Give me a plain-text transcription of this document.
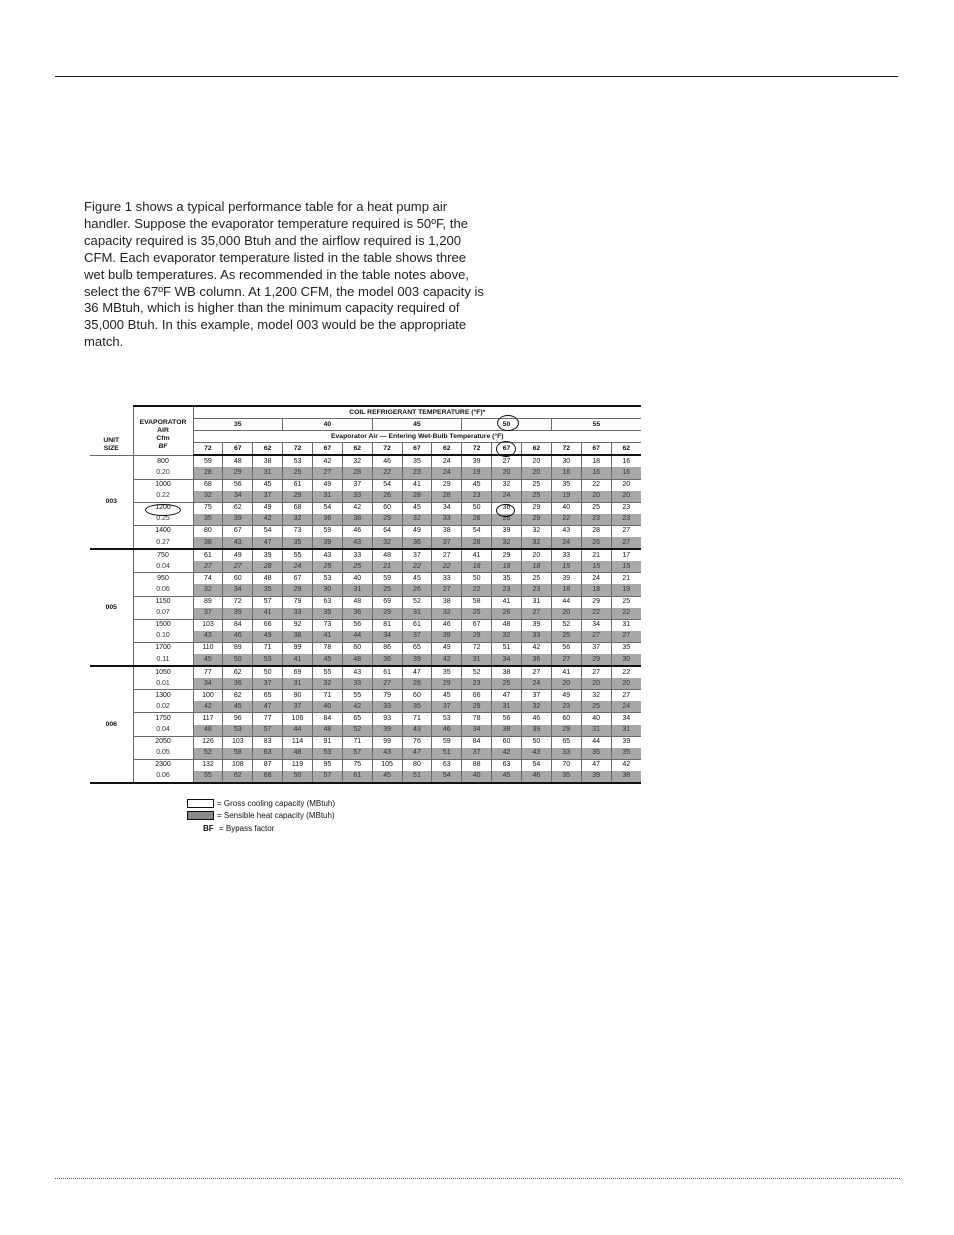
Figure 1 shows a typical performance table for a heat pump air handler. Suppose the evaporator temperature required is 50ºF, the capacity required is 35,000 Btuh and the airflow required is 1,200 CFM. Each evaporator temperature listed in the table shows three wet bulb temperatures. As recommended in the table notes above, select the 67ºF WB column. At 1,200 CFM, the model 003 capacity is 36 MBtuh, which is higher than the minimum capacity required of 35,000 Btuh. In this example, model 003 would be the appropriate match.

UNIT
SIZE	EVAPORATOR
AIR
Cfm
BF	COIL REFRIGERANT TEMPERATURE (°F)*														
		35			40			45			50			55		
		Evaporator Air — Entering Wet-Bulb Temperature (°F)														
		72	67	62	72	67	62	72	67	62	72	67	62	72	67	62
003	800	59	48	38	53	42	32	46	35	24	39	27	20	30	18	16
	0.20	28	29	31	25	27	28	22	23	24	19	20	20	16	16	16
	1000	68	56	45	61	49	37	54	41	29	45	32	25	35	22	20
	0.22	32	34	37	29	31	33	26	28	28	23	24	25	19	20	20
	1200	75	62	49	68	54	42	60	45	34	50	36	29	40	25	23
	0.25	35	39	42	32	36	38	29	32	33	26	28	29	22	23	23
	1400	80	67	54	73	59	46	64	49	38	54	39	32	43	28	27
	0.27	38	43	47	35	39	43	32	36	37	28	32	32	24	26	27
005	750	61	49	39	55	43	33	48	37	27	41	29	20	33	21	17
	0.04	27	27	28	24	25	25	21	22	22	18	18	18	15	15	15
	950	74	60	48	67	53	40	59	45	33	50	35	25	39	24	21
	0.06	32	34	35	29	30	31	25	26	27	22	23	23	18	18	19
	1150	89	72	57	79	63	48	69	52	38	58	41	31	44	29	25
	0.07	37	39	41	33	35	36	29	31	32	25	26	27	20	22	22
	1500	103	84	66	92	73	56	81	61	46	67	48	39	52	34	31
	0.10	43	46	49	38	41	44	34	37	39	29	32	33	25	27	27
	1700	110	89	71	99	78	60	86	65	49	72	51	42	56	37	35
	0.11	45	50	53	41	45	48	36	39	42	31	34	36	27	29	30
006	1050	77	62	50	69	55	43	61	47	35	52	38	27	41	27	22
	0.01	34	36	37	31	32	33	27	28	29	23	25	24	20	20	20
	1300	100	82	65	90	71	55	79	60	45	66	47	37	49	32	27
	0.02	42	45	47	37	40	42	33	35	37	29	31	32	23	25	24
	1750	117	96	77	106	84	65	93	71	53	78	56	46	60	40	34
	0.04	48	53	57	44	48	52	39	43	46	34	38	39	29	31	31
	2050	126	103	83	114	91	71	99	76	59	84	60	50	65	44	39
	0.05	52	58	63	48	53	57	43	47	51	37	42	43	33	35	35
	2300	132	108	87	119	95	75	105	80	63	88	63	54	70	47	42
	0.06	55	62	68	50	57	61	45	51	54	40	45	46	35	39	38
= Gross cooling capacity (MBtuh)
= Sensible heat capacity (MBtuh)
BF = Bypass factor
